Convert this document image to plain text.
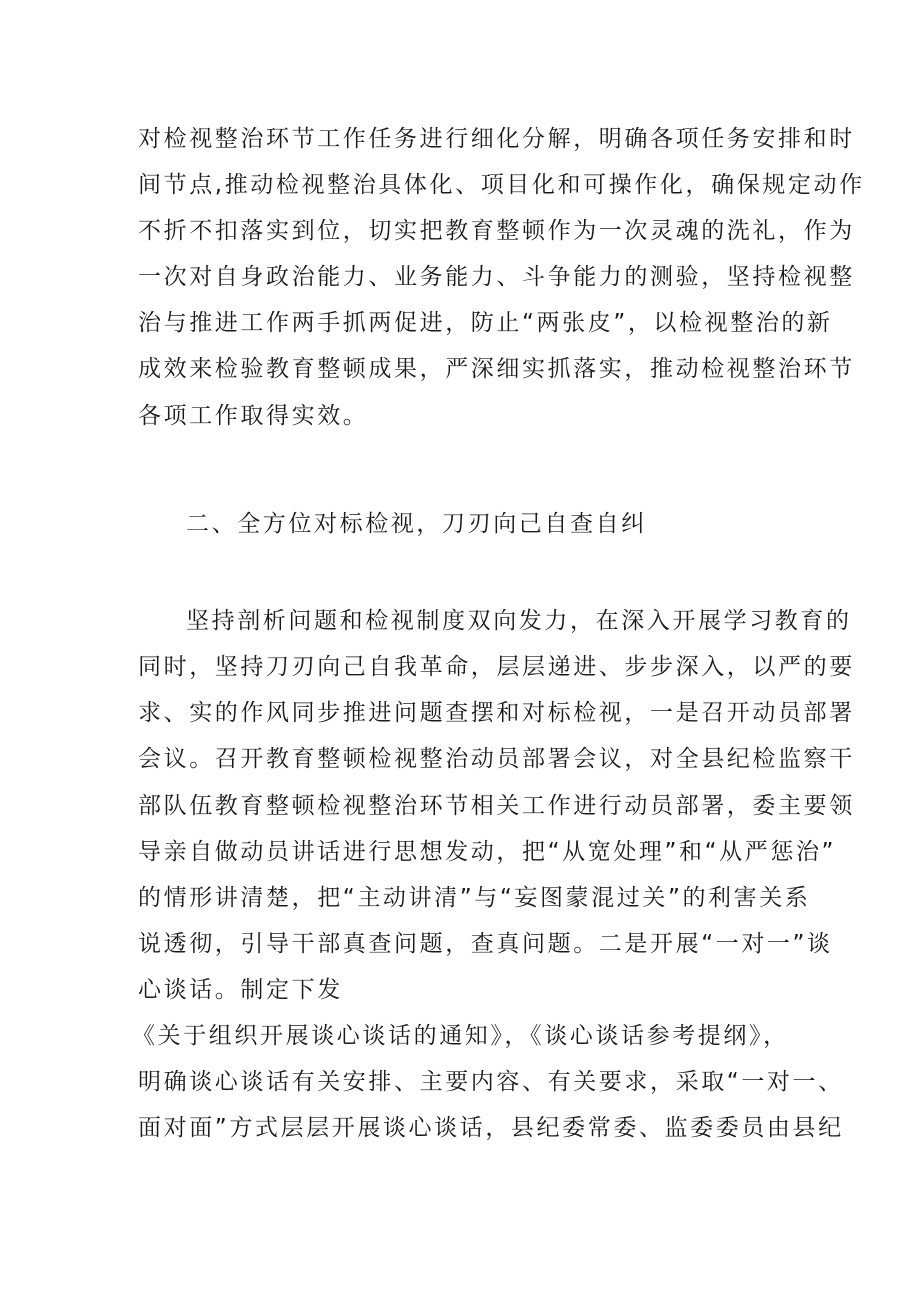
对检视整治环节工作任务进行细化分解，明确各项任务安排和时
间节点,推动检视整治具体化、项目化和可操作化，确保规定动作
不折不扣落实到位，切实把教育整顿作为一次灵魂的洗礼，作为
一次对自身政治能力、业务能力、斗争能力的测验，坚持检视整
治与推进工作两手抓两促进，防止“两张皮”，以检视整治的新
成效来检验教育整顿成果，严深细实抓落实，推动检视整治环节
各项工作取得实效。
二、全方位对标检视，刀刃向己自查自纠
坚持剖析问题和检视制度双向发力，在深入开展学习教育的
同时，坚持刀刃向己自我革命，层层递进、步步深入，以严的要
求、实的作风同步推进问题查摆和对标检视，一是召开动员部署
会议。召开教育整顿检视整治动员部署会议，对全县纪检监察干
部队伍教育整顿检视整治环节相关工作进行动员部署，委主要领
导亲自做动员讲话进行思想发动，把“从宽处理”和“从严惩治”
的情形讲清楚，把“主动讲清”与“妄图蒙混过关”的利害关系
说透彻，引导干部真查问题，查真问题。二是开展“一对一”谈
心谈话。制定下发
《关于组织开展谈心谈话的通知》，《谈心谈话参考提纲》，
明确谈心谈话有关安排、主要内容、有关要求，采取“一对一、
面对面”方式层层开展谈心谈话，县纪委常委、监委委员由县纪
